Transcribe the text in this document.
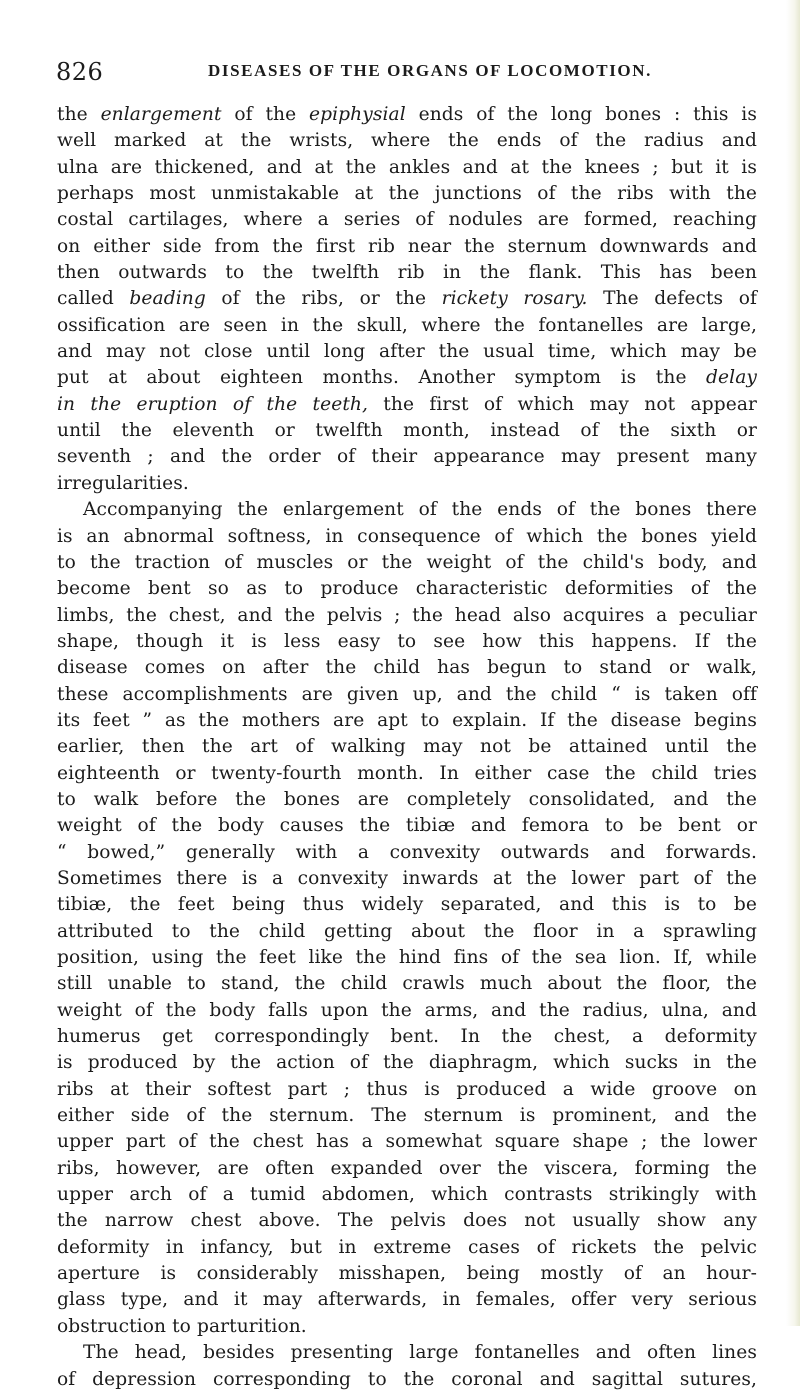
826	DISEASES OF THE ORGANS OF LOCOMOTION.
the enlargement of the epiphysial ends of the long bones : this is
well marked at the wrists, where the ends of the radius and
ulna are thickened, and at the ankles and at the knees ; but it is
perhaps most unmistakable at the junctions of the ribs with the
costal cartilages, where a series of nodules are formed, reaching
on either side from the first rib near the sternum downwards and
then outwards to the twelfth rib in the flank. This has been
called beading of the ribs, or the rickety rosary. The defects of
ossification are seen in the skull, where the fontanelles are large,
and may not close until long after the usual time, which may be
put at about eighteen months. Another symptom is the delay
in the eruption of the teeth, the first of which may not appear
until the eleventh or twelfth month, instead of the sixth or
seventh ; and the order of their appearance may present many
irregularities.
Accompanying the enlargement of the ends of the bones there
is an abnormal softness, in consequence of which the bones yield
to the traction of muscles or the weight of the child's body, and
become bent so as to produce characteristic deformities of the
limbs, the chest, and the pelvis ; the head also acquires a peculiar
shape, though it is less easy to see how this happens. If the
disease comes on after the child has begun to stand or walk,
these accomplishments are given up, and the child “ is taken off
its feet ” as the mothers are apt to explain. If the disease begins
earlier, then the art of walking may not be attained until the
eighteenth or twenty-fourth month. In either case the child tries
to walk before the bones are completely consolidated, and the
weight of the body causes the tibiæ and femora to be bent or
“ bowed,” generally with a convexity outwards and forwards.
Sometimes there is a convexity inwards at the lower part of the
tibiæ, the feet being thus widely separated, and this is to be
attributed to the child getting about the floor in a sprawling
position, using the feet like the hind fins of the sea lion. If, while
still unable to stand, the child crawls much about the floor, the
weight of the body falls upon the arms, and the radius, ulna, and
humerus get correspondingly bent. In the chest, a deformity
is produced by the action of the diaphragm, which sucks in the
ribs at their softest part ; thus is produced a wide groove on
either side of the sternum. The sternum is prominent, and the
upper part of the chest has a somewhat square shape ; the lower
ribs, however, are often expanded over the viscera, forming the
upper arch of a tumid abdomen, which contrasts strikingly with
the narrow chest above. The pelvis does not usually show any
deformity in infancy, but in extreme cases of rickets the pelvic
aperture is considerably misshapen, being mostly of an hour-
glass type, and it may afterwards, in females, offer very serious
obstruction to parturition.
The head, besides presenting large fontanelles and often lines
of depression corresponding to the coronal and sagittal sutures,
